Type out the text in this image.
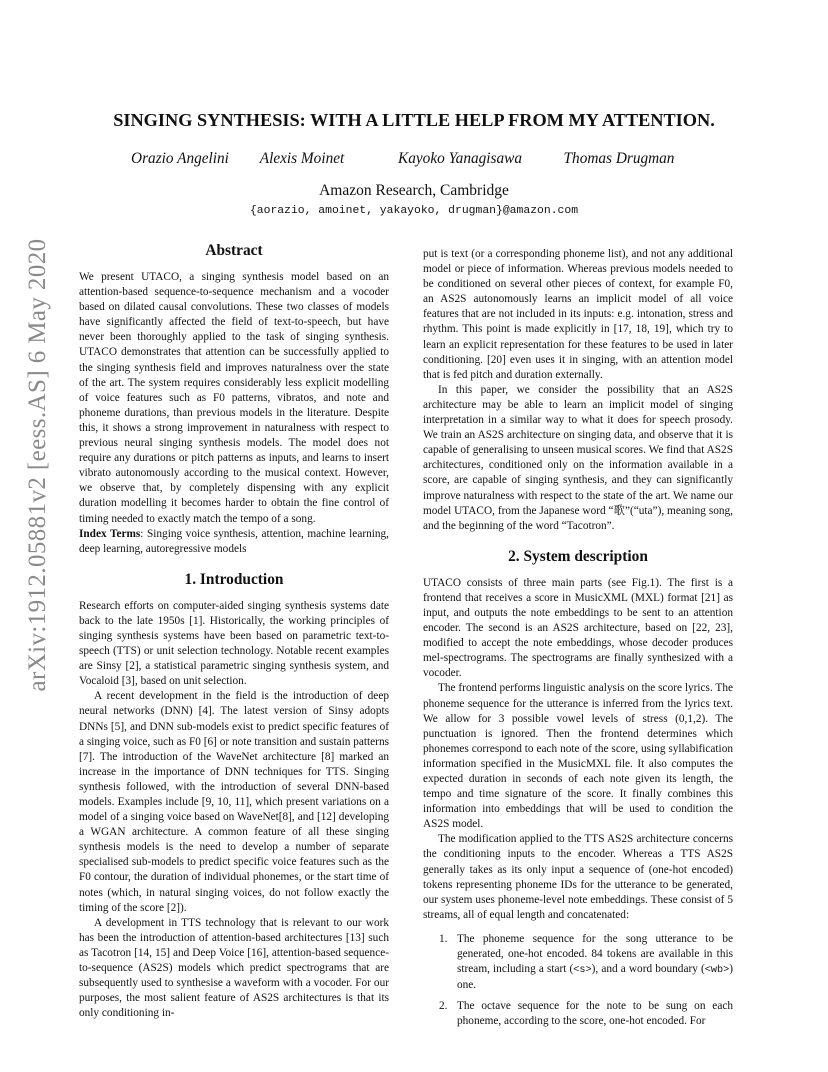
arXiv:1912.05881v2 [eess.AS] 6 May 2020
SINGING SYNTHESIS: WITH A LITTLE HELP FROM MY ATTENTION.
Orazio Angelini Alexis Moinet	Kayoko Yanagisawa	Thomas Drugman
Amazon Research, Cambridge
{aorazio, amoinet, yakayoko, drugman}@amazon.com
Abstract

We present UTACO, a singing synthesis model based on an attention-based sequence-to-sequence mechanism and a vocoder based on dilated causal convolutions. These two classes of models have significantly affected the field of text-to-speech, but have never been thoroughly applied to the task of singing synthesis. UTACO demonstrates that attention can be successfully applied to the singing synthesis field and improves naturalness over the state of the art. The system requires considerably less explicit modelling of voice features such as F0 patterns, vibratos, and note and phoneme durations, than previous models in the literature. Despite this, it shows a strong improvement in naturalness with respect to previous neural singing synthesis models. The model does not require any durations or pitch patterns as inputs, and learns to insert vibrato autonomously according to the musical context. However, we observe that, by completely dispensing with any explicit duration modelling it becomes harder to obtain the fine control of timing needed to exactly match the tempo of a song.

Index Terms: Singing voice synthesis, attention, machine learning, deep learning, autoregressive models

1. Introduction

Research efforts on computer-aided singing synthesis systems date back to the late 1950s [1]. Historically, the working principles of singing synthesis systems have been based on parametric text-to-speech (TTS) or unit selection technology. Notable recent examples are Sinsy [2], a statistical parametric singing synthesis system, and Vocaloid [3], based on unit selection.

A recent development in the field is the introduction of deep neural networks (DNN) [4]. The latest version of Sinsy adopts DNNs [5], and DNN sub-models exist to predict specific features of a singing voice, such as F0 [6] or note transition and sustain patterns [7]. The introduction of the WaveNet architecture [8] marked an increase in the importance of DNN techniques for TTS. Singing synthesis followed, with the introduction of several DNN-based models. Examples include [9, 10, 11], which present variations on a model of a singing voice based on WaveNet[8], and [12] developing a WGAN architecture. A common feature of all these singing synthesis models is the need to develop a number of separate specialised sub-models to predict specific voice features such as the F0 contour, the duration of individual phonemes, or the start time of notes (which, in natural singing voices, do not follow exactly the timing of the score [2]).

A development in TTS technology that is relevant to our work has been the introduction of attention-based architectures [13] such as Tacotron [14, 15] and Deep Voice [16], attention-based sequence-to-sequence (AS2S) models which predict spectrograms that are subsequently used to synthesise a waveform with a vocoder. For our purposes, the most salient feature of AS2S architectures is that its only conditioning in-

put is text (or a corresponding phoneme list), and not any additional model or piece of information. Whereas previous models needed to be conditioned on several other pieces of context, for example F0, an AS2S autonomously learns an implicit model of all voice features that are not included in its inputs: e.g. intonation, stress and rhythm. This point is made explicitly in [17, 18, 19], which try to learn an explicit representation for these features to be used in later conditioning. [20] even uses it in singing, with an attention model that is fed pitch and duration externally.

In this paper, we consider the possibility that an AS2S architecture may be able to learn an implicit model of singing interpretation in a similar way to what it does for speech prosody. We train an AS2S architecture on singing data, and observe that it is capable of generalising to unseen musical scores. We find that AS2S architectures, conditioned only on the information available in a score, are capable of singing synthesis, and they can significantly improve naturalness with respect to the state of the art. We name our model UTACO, from the Japanese word “歌”(“uta”), meaning song, and the beginning of the word “Tacotron”.

2. System description

UTACO consists of three main parts (see Fig.1). The first is a frontend that receives a score in MusicXML (MXL) format [21] as input, and outputs the note embeddings to be sent to an attention encoder. The second is an AS2S architecture, based on [22, 23], modified to accept the note embeddings, whose decoder produces mel-spectrograms. The spectrograms are finally synthesized with a vocoder.

The frontend performs linguistic analysis on the score lyrics. The phoneme sequence for the utterance is inferred from the lyrics text. We allow for 3 possible vowel levels of stress (0,1,2). The punctuation is ignored. Then the frontend determines which phonemes correspond to each note of the score, using syllabification information specified in the MusicMXL file. It also computes the expected duration in seconds of each note given its length, the tempo and time signature of the score. It finally combines this information into embeddings that will be used to condition the AS2S model.

The modification applied to the TTS AS2S architecture concerns the conditioning inputs to the encoder. Whereas a TTS AS2S generally takes as its only input a sequence of (one-hot encoded) tokens representing phoneme IDs for the utterance to be generated, our system uses phoneme-level note embeddings. These consist of 5 streams, all of equal length and concatenated:

1. The phoneme sequence for the song utterance to be generated, one-hot encoded. 84 tokens are available in this stream, including a start (<s>), and a word boundary (<wb>) one.
2. The octave sequence for the note to be sung on each phoneme, according to the score, one-hot encoded. For
